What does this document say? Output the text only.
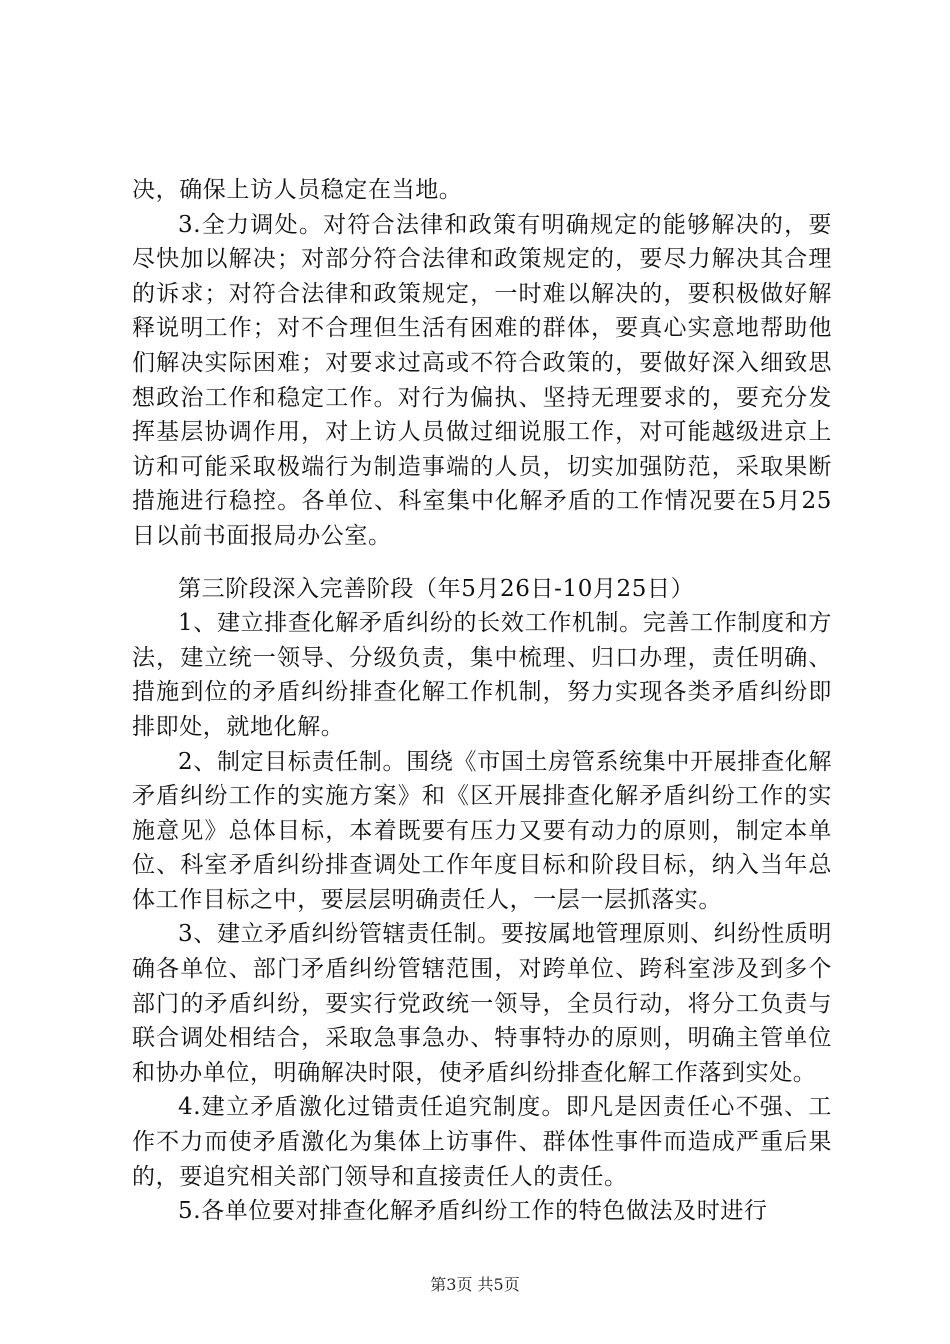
决，确保上访人员稳定在当地。

3.全力调处。对符合法律和政策有明确规定的能够解决的，要尽快加以解决；对部分符合法律和政策规定的，要尽力解决其合理的诉求；对符合法律和政策规定，一时难以解决的，要积极做好解释说明工作；对不合理但生活有困难的群体，要真心实意地帮助他们解决实际困难；对要求过高或不符合政策的，要做好深入细致思想政治工作和稳定工作。对行为偏执、坚持无理要求的，要充分发挥基层协调作用，对上访人员做过细说服工作，对可能越级进京上访和可能采取极端行为制造事端的人员，切实加强防范，采取果断措施进行稳控。各单位、科室集中化解矛盾的工作情况要在5月25日以前书面报局办公室。

第三阶段深入完善阶段（年5月26日-10月25日）

1、建立排查化解矛盾纠纷的长效工作机制。完善工作制度和方法，建立统一领导、分级负责，集中梳理、归口办理，责任明确、措施到位的矛盾纠纷排查化解工作机制，努力实现各类矛盾纠纷即排即处，就地化解。

2、制定目标责任制。围绕《市国土房管系统集中开展排查化解矛盾纠纷工作的实施方案》和《区开展排查化解矛盾纠纷工作的实施意见》总体目标，本着既要有压力又要有动力的原则，制定本单位、科室矛盾纠纷排查调处工作年度目标和阶段目标，纳入当年总体工作目标之中，要层层明确责任人，一层一层抓落实。

3、建立矛盾纠纷管辖责任制。要按属地管理原则、纠纷性质明确各单位、部门矛盾纠纷管辖范围，对跨单位、跨科室涉及到多个部门的矛盾纠纷，要实行党政统一领导，全员行动，将分工负责与联合调处相结合，采取急事急办、特事特办的原则，明确主管单位和协办单位，明确解决时限，使矛盾纠纷排查化解工作落到实处。

4.建立矛盾激化过错责任追究制度。即凡是因责任心不强、工作不力而使矛盾激化为集体上访事件、群体性事件而造成严重后果的，要追究相关部门领导和直接责任人的责任。

5.各单位要对排查化解矛盾纠纷工作的特色做法及时进行

第3页 共5页
